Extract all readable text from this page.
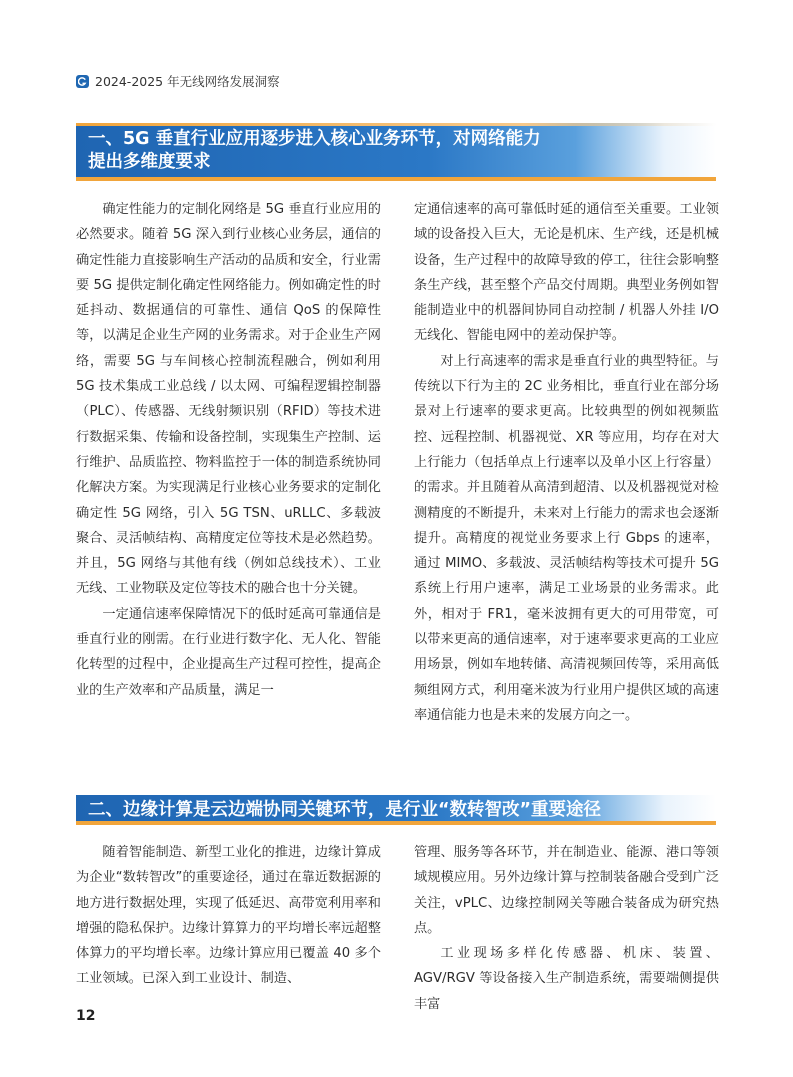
2024-2025 年无线网络发展洞察
一、5G 垂直行业应用逐步进入核心业务环节，对网络能力
提出多维度要求

确定性能力的定制化网络是 5G 垂直行业应用的必然要求。随着 5G 深入到行业核心业务层，通信的确定性能力直接影响生产活动的品质和安全，行业需要 5G 提供定制化确定性网络能力。例如确定性的时延抖动、数据通信的可靠性、通信 QoS 的保障性等，以满足企业生产网的业务需求。对于企业生产网络，需要 5G 与车间核心控制流程融合，例如利用 5G 技术集成工业总线 / 以太网、可编程逻辑控制器（PLC）、传感器、无线射频识别（RFID）等技术进行数据采集、传输和设备控制，实现集生产控制、运行维护、品质监控、物料监控于一体的制造系统协同化解决方案。为实现满足行业核心业务要求的定制化确定性 5G 网络，引入 5G TSN、uRLLC、多载波聚合、灵活帧结构、高精度定位等技术是必然趋势。并且，5G 网络与其他有线（例如总线技术）、工业无线、工业物联及定位等技术的融合也十分关键。

一定通信速率保障情况下的低时延高可靠通信是垂直行业的刚需。在行业进行数字化、无人化、智能化转型的过程中，企业提高生产过程可控性，提高企业的生产效率和产品质量，满足一

定通信速率的高可靠低时延的通信至关重要。工业领域的设备投入巨大，无论是机床、生产线，还是机械设备，生产过程中的故障导致的停工，往往会影响整条生产线，甚至整个产品交付周期。典型业务例如智能制造业中的机器间协同自动控制 / 机器人外挂 I/O 无线化、智能电网中的差动保护等。

对上行高速率的需求是垂直行业的典型特征。与传统以下行为主的 2C 业务相比，垂直行业在部分场景对上行速率的要求更高。比较典型的例如视频监控、远程控制、机器视觉、XR 等应用，均存在对大上行能力（包括单点上行速率以及单小区上行容量）的需求。并且随着从高清到超清、以及机器视觉对检测精度的不断提升，未来对上行能力的需求也会逐渐提升。高精度的视觉业务要求上行 Gbps 的速率，通过 MIMO、多载波、灵活帧结构等技术可提升 5G 系统上行用户速率，满足工业场景的业务需求。此外，相对于 FR1，毫米波拥有更大的可用带宽，可以带来更高的通信速率，对于速率要求更高的工业应用场景，例如车地转储、高清视频回传等，采用高低频组网方式，利用毫米波为行业用户提供区域的高速率通信能力也是未来的发展方向之一。

二、边缘计算是云边端协同关键环节，是行业“数转智改”重要途径

随着智能制造、新型工业化的推进，边缘计算成为企业“数转智改”的重要途径，通过在靠近数据源的地方进行数据处理，实现了低延迟、高带宽利用率和增强的隐私保护。边缘计算算力的平均增长率远超整体算力的平均增长率。边缘计算应用已覆盖 40 多个工业领域。已深入到工业设计、制造、

管理、服务等各环节，并在制造业、能源、港口等领域规模应用。另外边缘计算与控制装备融合受到广泛关注，vPLC、边缘控制网关等融合装备成为研究热点。

工业现场多样化传感器、机床、装置、AGV/RGV 等设备接入生产制造系统，需要端侧提供丰富

12
